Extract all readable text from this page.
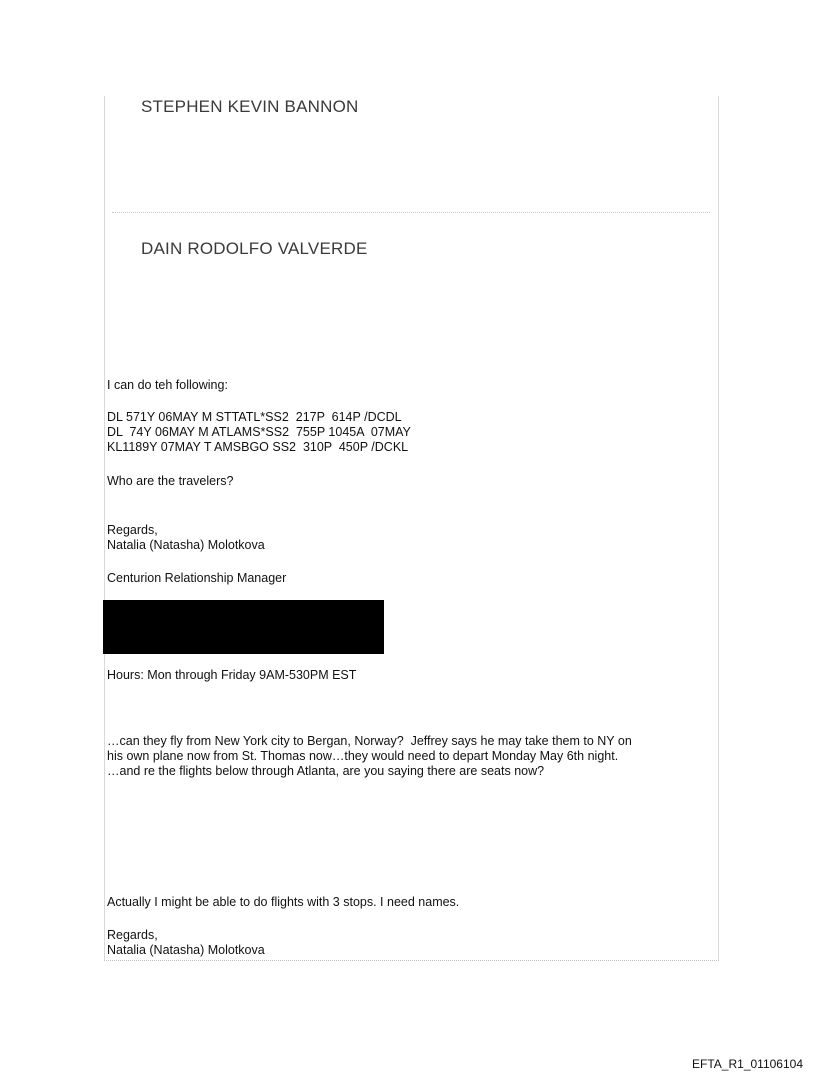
STEPHEN KEVIN BANNON
DAIN RODOLFO VALVERDE
I can do teh following:
DL 571Y 06MAY M STTATL*SS2  217P  614P /DCDL
DL  74Y 06MAY M ATLAMS*SS2  755P 1045A  07MAY
KL1189Y 07MAY T AMSBGO SS2  310P  450P /DCKL
Who are the travelers?
Regards,
Natalia (Natasha) Molotkova
Centurion Relationship Manager
Hours: Mon through Friday 9AM-530PM EST
…can they fly from New York city to Bergan, Norway?  Jeffrey says he may take them to NY on
his own plane now from St. Thomas now…they would need to depart Monday May 6th night.
…and re the flights below through Atlanta, are you saying there are seats now?
Actually I might be able to do flights with 3 stops. I need names.
Regards,
Natalia (Natasha) Molotkova
EFTA_R1_01106104
